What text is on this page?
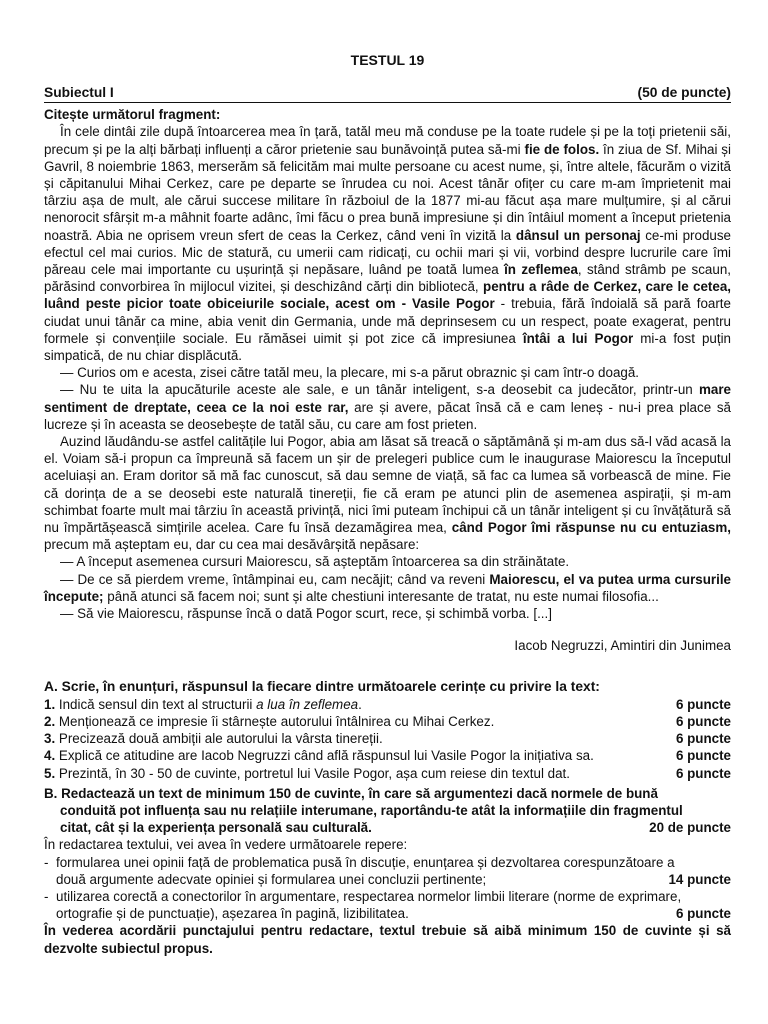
TESTUL 19
Subiectul I	(50 de puncte)
Citește următorul fragment:

În cele dintâi zile după întoarcerea mea în țară, tatăl meu mă conduse pe la toate rudele și pe la toți prietenii săi, precum și pe la alți bărbați influenți a căror prietenie sau bunăvoință putea să-mi fie de folos. în ziua de Sf. Mihai și Gavril, 8 noiembrie 1863, merserăm să felicităm mai multe persoane cu acest nume, și, între altele, făcurăm o vizită și căpitanului Mihai Cerkez, care pe departe se înrudea cu noi. Acest tânăr ofițer cu care m-am împrietenit mai târziu așa de mult, ale cărui succese militare în războiul de la 1877 mi-au făcut așa mare mulțumire, și al cărui nenorocit sfârșit m-a mâhnit foarte adânc, îmi făcu o prea bună impresiune și din întâiul moment a început prietenia noastră. Abia ne oprisem vreun sfert de ceas la Cerkez, când veni în vizită la dânsul un personaj ce-mi produse efectul cel mai curios. Mic de statură, cu umerii cam ridicați, cu ochii mari și vii, vorbind despre lucrurile care îmi păreau cele mai importante cu ușurință și nepăsare, luând pe toată lumea în zeflemea, stând strâmb pe scaun, părăsind convorbirea în mijlocul vizitei, și deschizând cărți din bibliotecă, pentru a râde de Cerkez, care le cetea, luând peste picior toate obiceiurile sociale, acest om - Vasile Pogor - trebuia, fără îndoială să pară foarte ciudat unui tânăr ca mine, abia venit din Germania, unde mă deprinsesem cu un respect, poate exagerat, pentru formele și convențiile sociale. Eu rămăsei uimit și pot zice că impresiunea întâi a lui Pogor mi-a fost puțin simpatică, de nu chiar displăcută.

— Curios om e acesta, zisei către tatăl meu, la plecare, mi s-a părut obraznic și cam într-o doagă.

— Nu te uita la apucăturile aceste ale sale, e un tânăr inteligent, s-a deosebit ca judecător, printr-un mare sentiment de dreptate, ceea ce la noi este rar, are și avere, păcat însă că e cam leneș - nu-i prea place să lucreze și în aceasta se deosebește de tatăl său, cu care am fost prieten.

Auzind lăudându-se astfel calitățile lui Pogor, abia am lăsat să treacă o săptămână și m-am dus să-l văd acasă la el. Voiam să-i propun ca împreună să facem un șir de prelegeri publice cum le inaugurase Maiorescu la începutul aceluiași an. Eram doritor să mă fac cunoscut, să dau semne de viață, să fac ca lumea să vorbească de mine. Fie că dorința de a se deosebi este naturală tinereții, fie că eram pe atunci plin de asemenea aspirații, și m-am schimbat foarte mult mai târziu în această privință, nici îmi puteam închipui că un tânăr inteligent și cu învățătură să nu împărtășească simțirile acelea. Care fu însă dezamăgirea mea, când Pogor îmi răspunse nu cu entuziasm, precum mă așteptam eu, dar cu cea mai desăvârșită nepăsare:

— A început asemenea cursuri Maiorescu, să așteptăm întoarcerea sa din străinătate.

— De ce să pierdem vreme, întâmpinai eu, cam necăjit; când va reveni Maiorescu, el va putea urma cursurile începute; până atunci să facem noi; sunt și alte chestiuni interesante de tratat, nu este numai filosofia...

— Să vie Maiorescu, răspunse încă o dată Pogor scurt, rece, și schimbă vorba. [...]

Iacob Negruzzi, Amintiri din Junimea
A. Scrie, în enunțuri, răspunsul la fiecare dintre următoarele cerințe cu privire la text:
1. Indică sensul din text al structurii a lua în zeflemea.	6 puncte
2. Menționează ce impresie îi stârnește autorului întâlnirea cu Mihai Cerkez.	6 puncte
3. Precizează două ambiții ale autorului la vârsta tinereții.	6 puncte
4. Explică ce atitudine are Iacob Negruzzi când află răspunsul lui Vasile Pogor la inițiativa sa.	6 puncte
5. Prezintă, în 30 - 50 de cuvinte, portretul lui Vasile Pogor, așa cum reiese din textul dat.	6 puncte
B. Redactează un text de minimum 150 de cuvinte, în care să argumentezi dacă normele de bună
conduită pot influența sau nu relațiile interumane, raportându-te atât la informațiile din fragmentul
citat, cât și la experiența personală sau culturală.	20 de puncte
În redactarea textului, vei avea în vedere următoarele repere:
- formularea unei opinii față de problematica pusă în discuție, enunțarea și dezvoltarea corespunzătoare a
două argumente adecvate opiniei și formularea unei concluzii pertinente;	14 puncte
- utilizarea corectă a conectorilor în argumentare, respectarea normelor limbii literare (norme de exprimare,
ortografie și de punctuație), așezarea în pagină, lizibilitatea.	6 puncte
În vederea acordării punctajului pentru redactare, textul trebuie să aibă minimum 150 de cuvinte și să dezvolte subiectul propus.
